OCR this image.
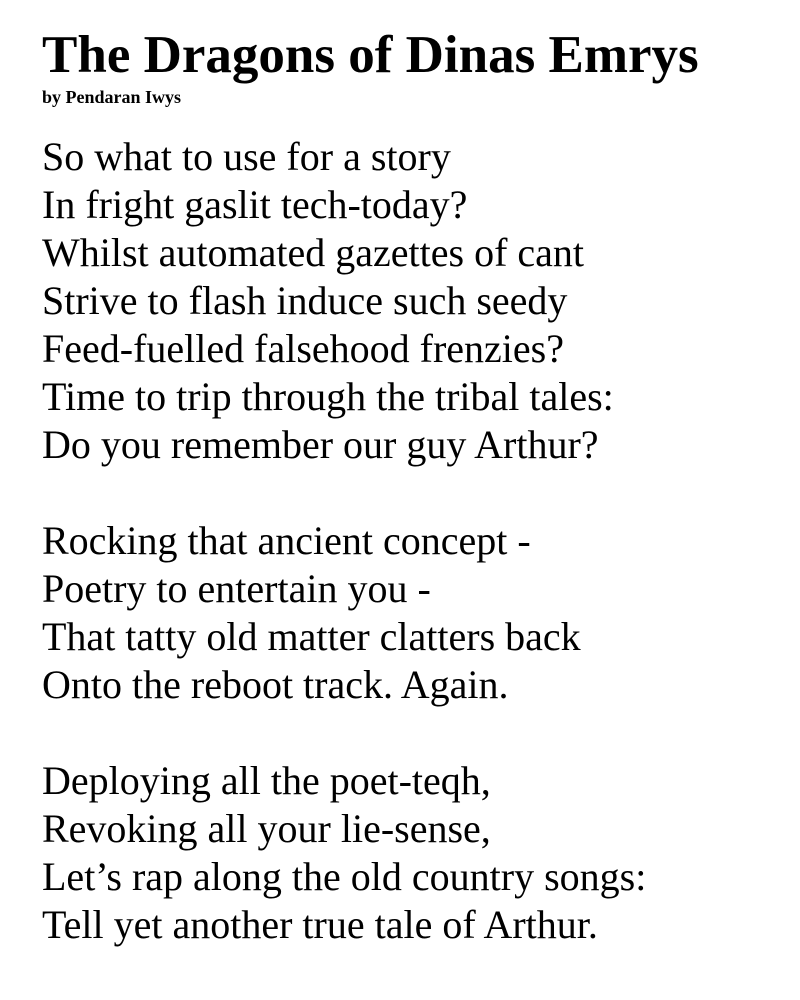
The Dragons of Dinas Emrys
by Pendaran Iwys
So what to use for a story
In fright gaslit tech-today?
Whilst automated gazettes of cant
Strive to flash induce such seedy
Feed-fuelled falsehood frenzies?
Time to trip through the tribal tales:
Do you remember our guy Arthur?
Rocking that ancient concept -
Poetry to entertain you -
That tatty old matter clatters back
Onto the reboot track. Again.
Deploying all the poet-teqh,
Revoking all your lie-sense,
Let’s rap along the old country songs:
Tell yet another true tale of Arthur.
